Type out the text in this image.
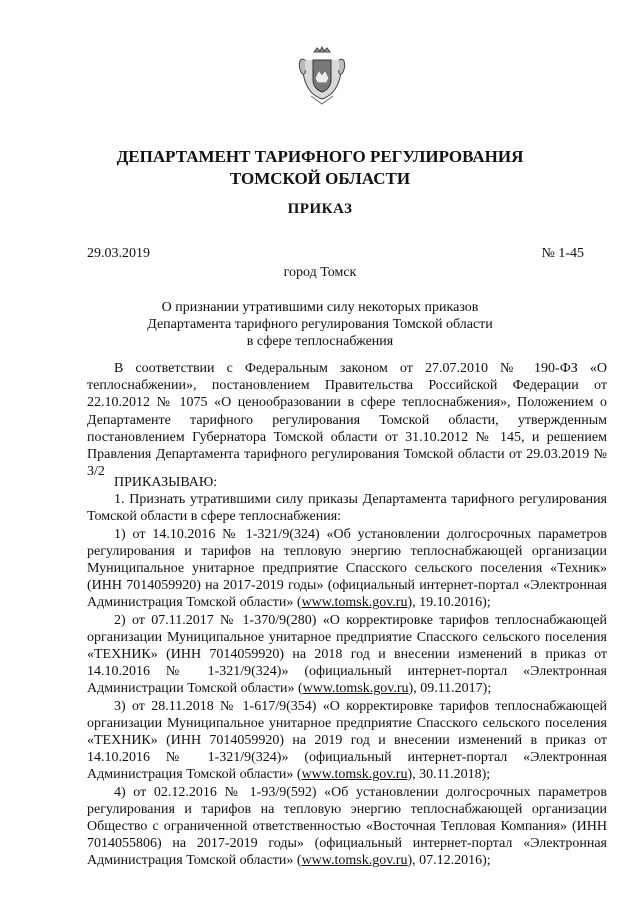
ДЕПАРТАМЕНТ ТАРИФНОГО РЕГУЛИРОВАНИЯ
ТОМСКОЙ ОБЛАСТИ
ПРИКАЗ
29.03.2019	№ 1-45
город Томск
О признании утратившими силу некоторых приказов
Департамента тарифного регулирования Томской области
в сфере теплоснабжения

В соответствии с Федеральным законом от 27.07.2010 № 190-ФЗ «О теплоснабжении», постановлением Правительства Российской Федерации от 22.10.2012 № 1075 «О ценообразовании в сфере теплоснабжения», Положением о Департаменте тарифного регулирования Томской области, утвержденным постановлением Губернатора Томской области от 31.10.2012 № 145, и решением Правления Департамента тарифного регулирования Томской области от 29.03.2019 № 3/2

ПРИКАЗЫВАЮ:

1. Признать утратившими силу приказы Департамента тарифного регулирования Томской области в сфере теплоснабжения:

1) от 14.10.2016 № 1-321/9(324) «Об установлении долгосрочных параметров регулирования и тарифов на тепловую энергию теплоснабжающей организации Муниципальное унитарное предприятие Спасского сельского поселения «Техник» (ИНН 7014059920) на 2017-2019 годы» (официальный интернет-портал «Электронная Администрация Томской области» (www.tomsk.gov.ru), 19.10.2016);

2) от 07.11.2017 № 1-370/9(280) «О корректировке тарифов теплоснабжающей организации Муниципальное унитарное предприятие Спасского сельского поселения «ТЕХНИК» (ИНН 7014059920) на 2018 год и внесении изменений в приказ от 14.10.2016 № 1-321/9(324)» (официальный интернет-портал «Электронная Администрации Томской области» (www.tomsk.gov.ru), 09.11.2017);

3) от 28.11.2018 № 1-617/9(354) «О корректировке тарифов теплоснабжающей организации Муниципальное унитарное предприятие Спасского сельского поселения «ТЕХНИК» (ИНН 7014059920) на 2019 год и внесении изменений в приказ от 14.10.2016 № 1-321/9(324)» (официальный интернет-портал «Электронная Администрация Томской области» (www.tomsk.gov.ru), 30.11.2018);

4) от 02.12.2016 № 1-93/9(592) «Об установлении долгосрочных параметров регулирования и тарифов на тепловую энергию теплоснабжающей организации Общество с ограниченной ответственностью «Восточная Тепловая Компания» (ИНН 7014055806) на 2017-2019 годы» (официальный интернет-портал «Электронная Администрация Томской области» (www.tomsk.gov.ru), 07.12.2016);
